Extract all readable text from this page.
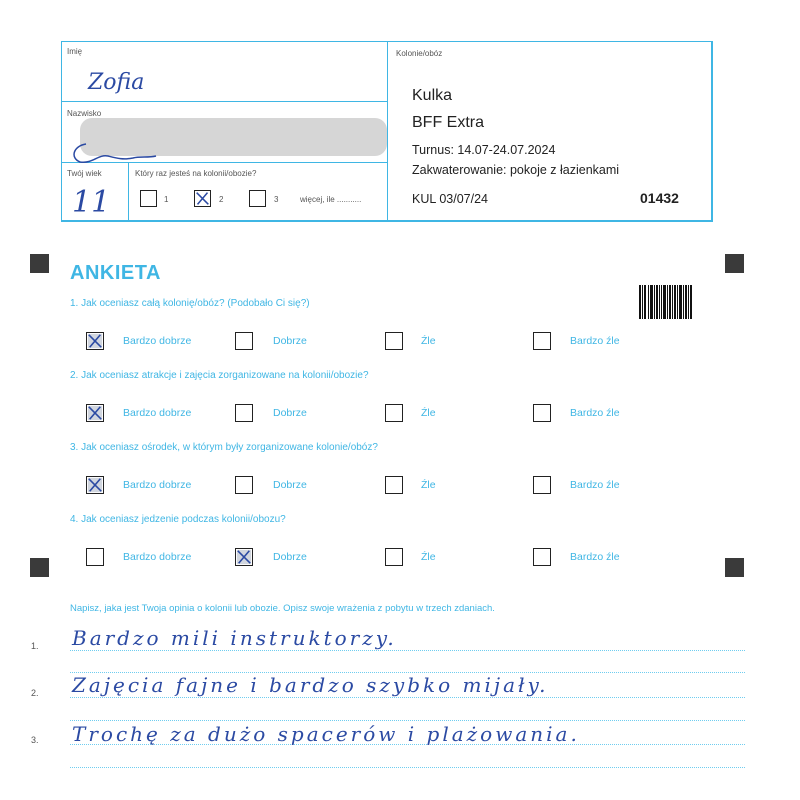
Imię
Zofia
Nazwisko
Twój wiek
11
Który raz jesteś na kolonii/obozie?
Kolonie/obóz
Kulka
BFF Extra
Turnus: 14.07-24.07.2024
Zakwaterowanie: pokoje z łazienkami
KUL 03/07/24	01432
1	2	3	więcej, ile ...........
ANKIETA
1. Jak oceniasz całą kolonię/obóz? (Podobało Ci się?)
Bardzo dobrze	Dobrze	Źle	Bardzo źle
2. Jak oceniasz atrakcje i zajęcia zorganizowane na kolonii/obozie?
Bardzo dobrze	Dobrze	Źle	Bardzo źle
3. Jak oceniasz ośrodek, w którym były zorganizowane kolonie/obóz?
Bardzo dobrze	Dobrze	Źle	Bardzo źle
4. Jak oceniasz jedzenie podczas kolonii/obozu?
Bardzo dobrze	Dobrze	Źle	Bardzo źle
Napisz, jaka jest Twoja opinia o kolonii lub obozie. Opisz swoje wrażenia z pobytu w trzech zdaniach.
1.
2.
3.
Bardzo mili instruktorzy.
Zajęcia fajne i bardzo szybko mijały.
Trochę za dużo spacerów i plażowania.
